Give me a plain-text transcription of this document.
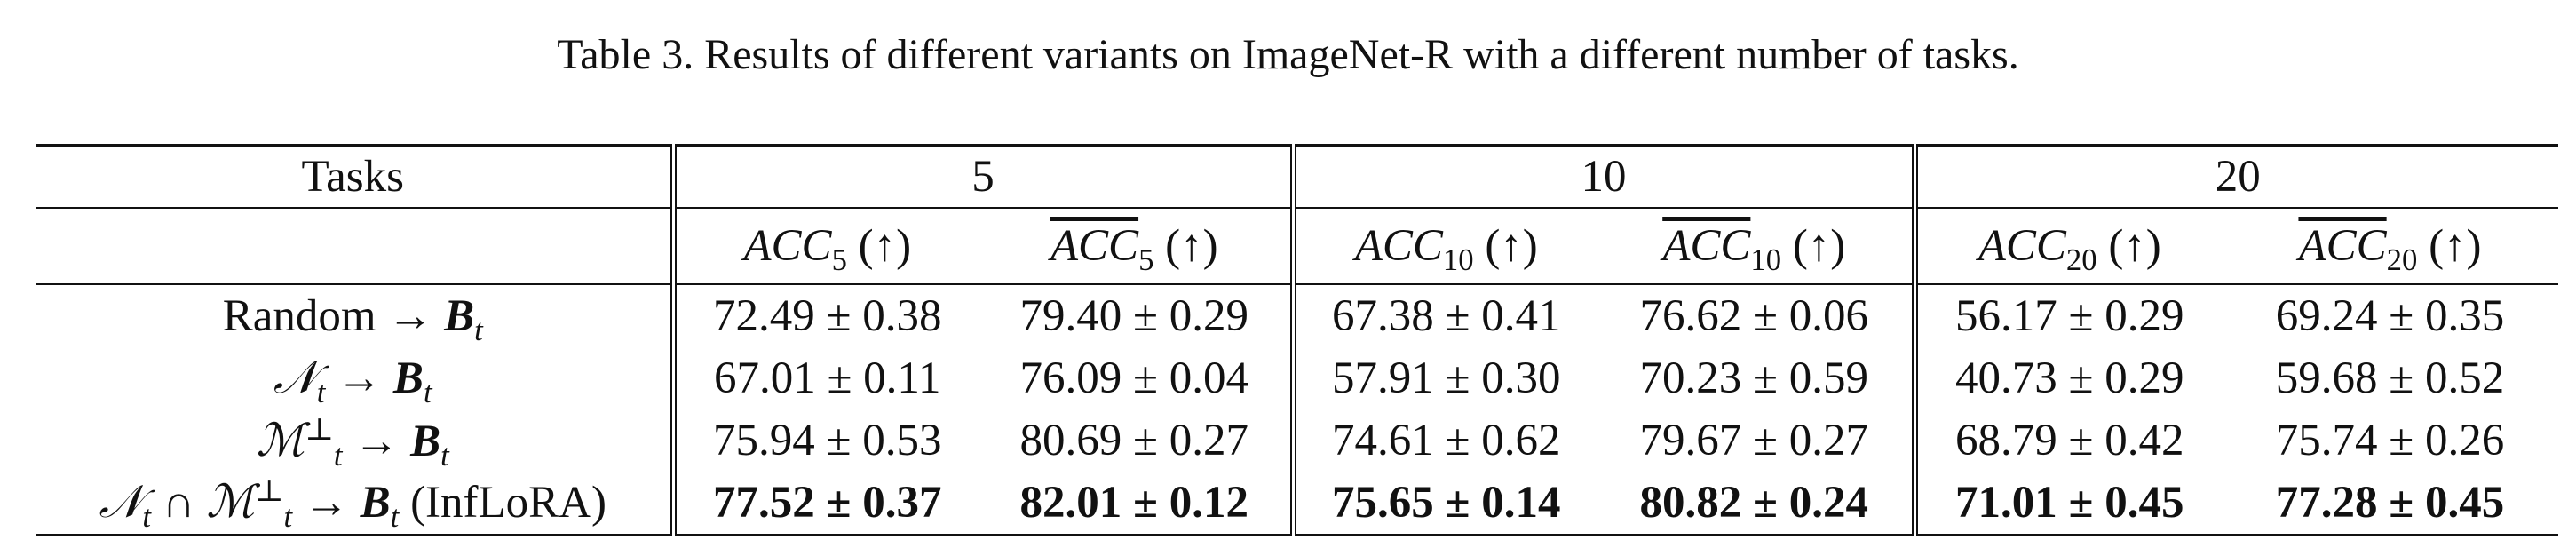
Table 3. Results of different variants on ImageNet-R with a different number of tasks.
Tasks	5		10		20	
	$ACC_5$ (↑)	$\overline{ACC}_5$ (↑)	$ACC_{10}$ (↑)	$\overline{ACC}_{10}$ (↑)	$ACC_{20}$ (↑)	$\overline{ACC}_{20}$ (↑)
Random → $B_t$	72.49 ± 0.38	79.40 ± 0.29	67.38 ± 0.41	76.62 ± 0.06	56.17 ± 0.29	69.24 ± 0.35
𝒩$_t$ → $B_t$	67.01 ± 0.11	76.09 ± 0.04	57.91 ± 0.30	70.23 ± 0.59	40.73 ± 0.29	59.68 ± 0.52
ℳ⊥$_t$ → $B_t$	75.94 ± 0.53	80.69 ± 0.27	74.61 ± 0.62	79.67 ± 0.27	68.79 ± 0.42	75.74 ± 0.26
𝒩$_t$ ∩ ℳ⊥$_t$ → $B_t$ (InfLoRA)	77.52 ± 0.37	82.01 ± 0.12	75.65 ± 0.14	80.82 ± 0.24	71.01 ± 0.45	77.28 ± 0.45
